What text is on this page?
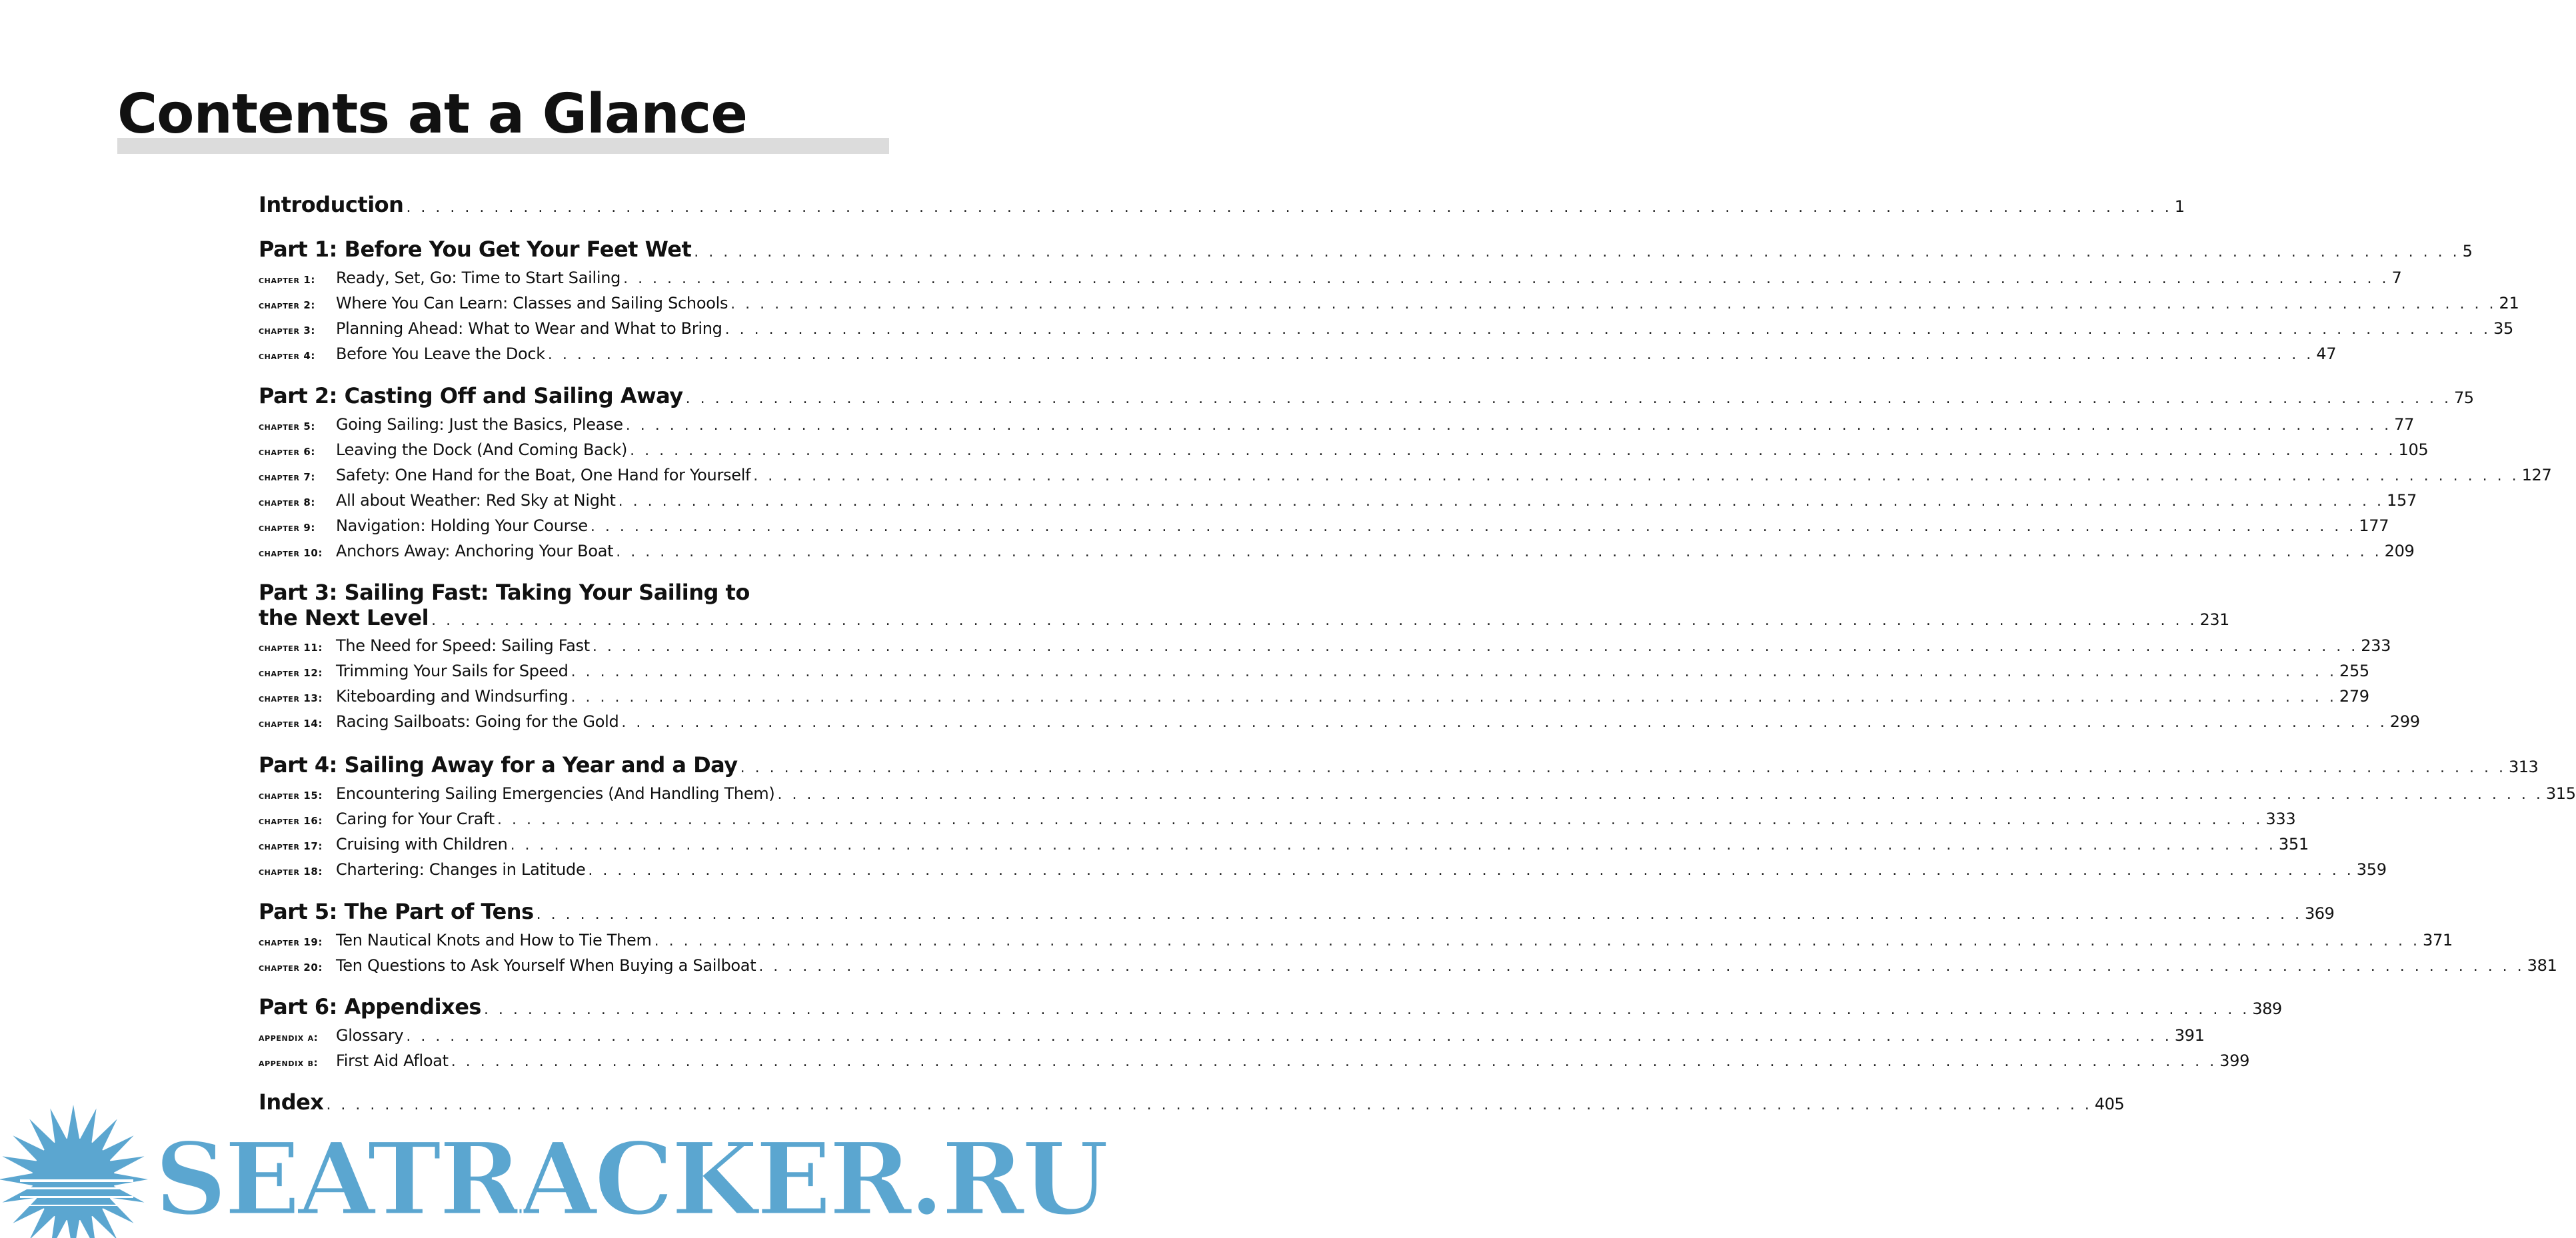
Contents at a Glance
Introduction . . .	1
Part 1: Before You Get Your Feet Wet . . .	5
chapter 1:	Ready, Set, Go: Time to Start Sailing . . .	7
chapter 2:	Where You Can Learn: Classes and Sailing Schools . . .	21
chapter 3:	Planning Ahead: What to Wear and What to Bring . . .	35
chapter 4:	Before You Leave the Dock . . .	47
Part 2: Casting Off and Sailing Away . . .	75
chapter 5:	Going Sailing: Just the Basics, Please . . .	77
chapter 6:	Leaving the Dock (And Coming Back) . . .	105
chapter 7:	Safety: One Hand for the Boat, One Hand for Yourself . . .	127
chapter 8:	All about Weather: Red Sky at Night . . .	157
chapter 9:	Navigation: Holding Your Course . . .	177
chapter 10: Anchors Away: Anchoring Your Boat . . .	209
Part 3: Sailing Fast: Taking Your Sailing to
the Next Level . . .	231
chapter 11: The Need for Speed: Sailing Fast . . .	233
chapter 12: Trimming Your Sails for Speed . . .	255
chapter 13: Kiteboarding and Windsurfing . . .	279
chapter 14: Racing Sailboats: Going for the Gold . . .	299
Part 4: Sailing Away for a Year and a Day . . .	313
chapter 15: Encountering Sailing Emergencies (And Handling Them) . . .	315
chapter 16: Caring for Your Craft . . .	333
chapter 17: Cruising with Children . . .	351
chapter 18: Chartering: Changes in Latitude . . .	359
Part 5: The Part of Tens . . .	369
chapter 19: Ten Nautical Knots and How to Tie Them . . .	371
chapter 20: Ten Questions to Ask Yourself When Buying a Sailboat . . .	381
Part 6: Appendixes . . .	389
appendix a:	Glossary . . .	391
appendix b:	First Aid Afloat . . .	399
Index . . .	405
SEATRACKER.RU
